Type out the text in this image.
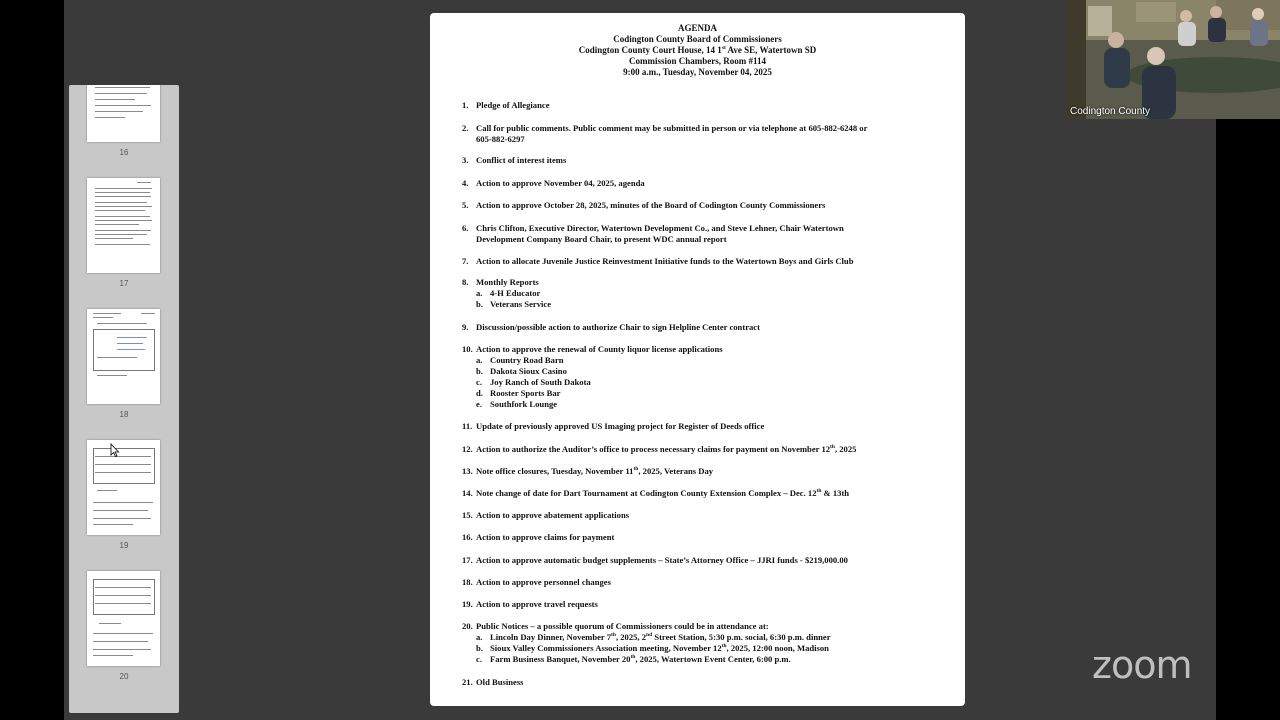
16
17
18
19
20
AGENDA
Codington County Board of Commissioners
Codington County Court House, 14 1st Ave SE, Watertown SD
Commission Chambers, Room #114
9:00 a.m., Tuesday, November 04, 2025
1. Pledge of Allegiance
2. Call for public comments. Public comment may be submitted in person or via telephone at 605-882-6248 or
605-882-6297
3. Conflict of interest items
4. Action to approve November 04, 2025, agenda
5. Action to approve October 28, 2025, minutes of the Board of Codington County Commissioners
6. Chris Clifton, Executive Director, Watertown Development Co., and Steve Lehner, Chair Watertown
Development Company Board Chair, to present WDC annual report
7. Action to allocate Juvenile Justice Reinvestment Initiative funds to the Watertown Boys and Girls Club
8. Monthly Reports
a. 4-H Educator
b. Veterans Service
9. Discussion/possible action to authorize Chair to sign Helpline Center contract
10. Action to approve the renewal of County liquor license applications
a. Country Road Barn
b. Dakota Sioux Casino
c. Joy Ranch of South Dakota
d. Rooster Sports Bar
e. Southfork Lounge
11. Update of previously approved US Imaging project for Register of Deeds office
12. Action to authorize the Auditor’s office to process necessary claims for payment on November 12th, 2025
13. Note office closures, Tuesday, November 11th, 2025, Veterans Day
14. Note change of date for Dart Tournament at Codington County Extension Complex – Dec. 12th & 13th
15. Action to approve abatement applications
16. Action to approve claims for payment
17. Action to approve automatic budget supplements – State’s Attorney Office – JJRI funds - $219,000.00
18. Action to approve personnel changes
19. Action to approve travel requests
20. Public Notices – a possible quorum of Commissioners could be in attendance at:
a. Lincoln Day Dinner, November 7th, 2025, 2nd Street Station, 5:30 p.m. social, 6:30 p.m. dinner
b. Sioux Valley Commissioners Association meeting, November 12th, 2025, 12:00 noon, Madison
c. Farm Business Banquet, November 20th, 2025, Watertown Event Center, 6:00 p.m.
21. Old Business
Codington County
zoom
